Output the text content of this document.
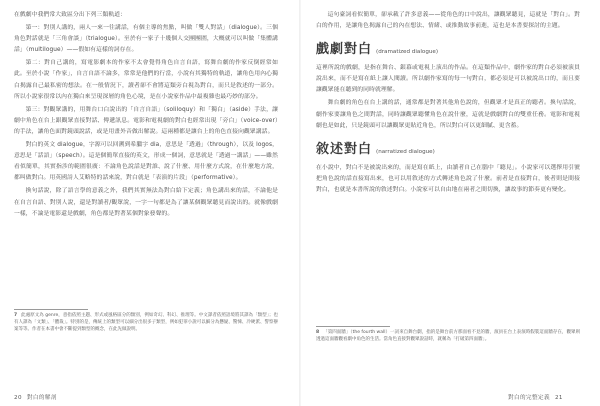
在戲劇中我們常大致區分出下列三類軌道：

第一：對別人講的，兩人一來一往講話，有個主導的焦點，叫做「雙人對話」（dialogue）。三個角色對話就是「三角會談」（trialogue）。至於有一家子十幾個人交團團圍，大概就可以叫做「集體講話」（multilogue）——假如有這樣的詞存在。

第二：對自己講的，寫電影劇本的作家不太會覺得角色自言自語，寫舞台劇的作家反倒經常如此。至於小說「作家」，自言自語不論多，常常是他們的行當，小說有其獨特的軌道，讓角色用內心獨白揭露自己最私密的想法。在一般情況下，讀者卻不會將這類旁白視為對白，而只是敘述的一部分。所以小說家很常以內在獨白來呈現深層的角色心境，是在小說家作品中最複雜也最巧妙的部分。

第三：對觀眾講的，用舞台口白說出的「自言自語」（soliloquy）和「獨白」（aside）手法，讓劇中角色在台上跟觀眾直接對話、傳遞訊息。電影和電視劇的對白也經常出現「旁白」（voice-over）的手法，讓角色面對鏡頭說話，或是用畫外音做出解說。這兩種都是讓台上的角色直接向觀眾講話。

對白的英文 dialogue，字源可以回溯到希臘字 dia，意思是「透過」（through），以及 logos，意思是「話語」（speech）。這是個簡單直接的英文，形成一個詞，意思就是「透過一講話」——雖然看似簡單，其實指涉的範圍很廣：不論角色說話是對誰、說了什麼、用什麼方式說，在什麼地方說，都叫做對白。用英國詩人艾略特的話來說，對白就是「表演的片段」（performative）。

換句話說，除了語言學的意義之外，我們其實無法為對白給下定義；角色講出來的話，不論他是在自言自語、對別人說，還是對讀者/觀眾說，一字一句都是為了讓某個觀眾聽見而說出的。就像戲劇一樣，不論是電影還是戲劇，角色都是對著某個對象發聲的。

7 此處原文為 genre，意指依照主題、形式或風格區分的類別，例如奇幻、科幻、推理等。中文譯者依照語境將其譯為「類型」；也有人譯為「文類」、「體裁」。特別的是，傳統上的類型可以細分出很多子類型，例如犯罪小說可以細分為懸疑、驚悚、冷硬派、警察辦案等等。作者在本書中會不斷提到類型的概念，在此先做說明。
20 對白的解剖

這句臺詞看似簡單，卻承載了許多意義——從角色的口中說出，讓觀眾聽見，這就是「對白」。對白的作用，是讓角色揭露自己的內在想法、情緒、或推動故事前進，這也是本書要探討的主題。

戲劇對白 (dramatized dialogue)

這裡所說的戲劇，是指在舞台、銀幕或電視上演出的作品。在這類作品中，劇作家的對白必須被演員說出來，而不是寫在紙上讓人閱讀。所以劇作家寫的每一句對白，都必須是可以被說出口的，而且要讓觀眾能在聽到的同時就理解。

舞台劇的角色在台上講的話，通常都是對著其他角色說的，但觀眾才是真正的聽者。換句話說，劇作家要讓角色之間對話，同時讓觀眾聽懂角色在說什麼，這就是戲劇對白的雙重任務。電影和電視劇也是如此，只是鏡頭可以讓觀眾更貼近角色，所以對白可以更細膩、更含蓄。

敘述對白 (narratized dialogue)

在小說中，對白不是被說出來的，而是寫在紙上，由讀者自己在腦中「聽見」。小說家可以選擇用引號把角色說的話直接寫出來，也可以用敘述的方式轉述角色說了什麼。前者是直接對白，後者則是間接對白，也就是本書所說的敘述對白。小說家可以自由地在兩者之間切換，讓故事的節奏更有變化。

8 「第四面牆」（the fourth wall）一詞來自舞台劇，指的是舞台前方那面看不見的牆，演員在台上表演時假裝這面牆存在，觀眾則透過這面牆觀看劇中角色的生活。當角色直接對觀眾說話時，就稱為「打破第四面牆」。
對白的完整定義 21
